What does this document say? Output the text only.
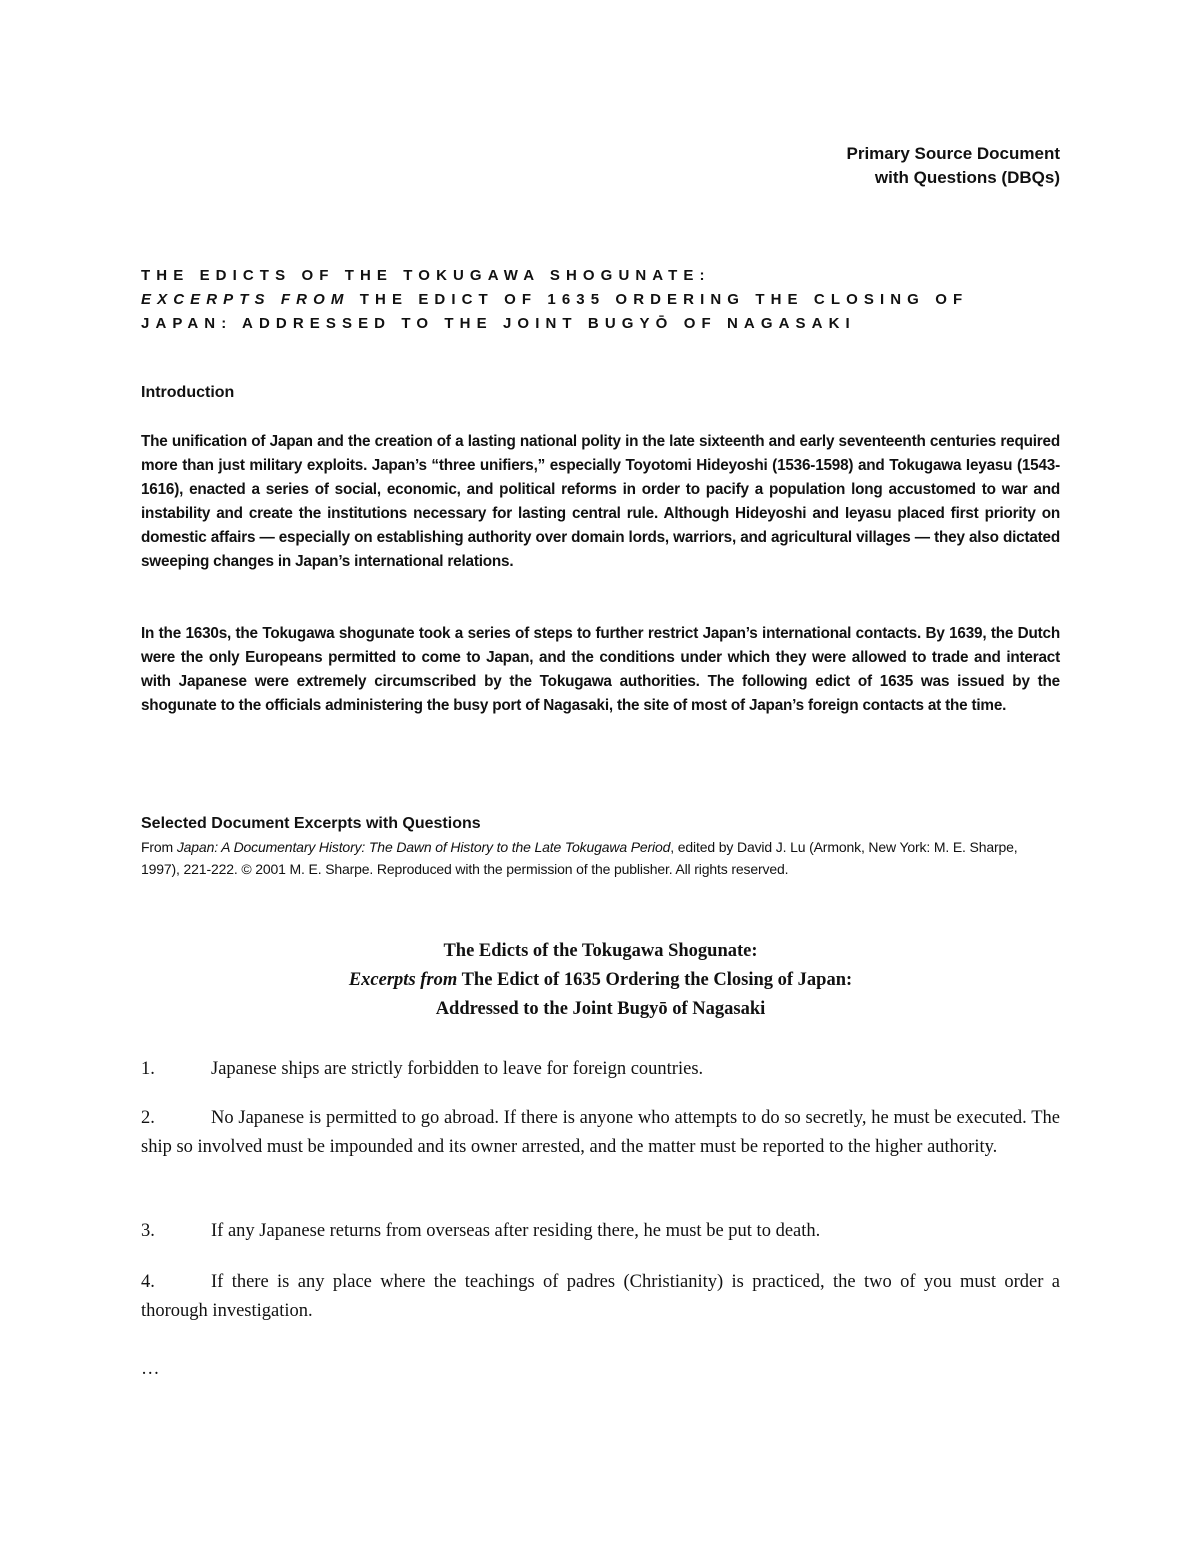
Primary Source Document
with Questions (DBQs)
THE EDICTS OF THE TOKUGAWA SHOGUNATE:
EXCERPTS FROM THE EDICT OF 1635 ORDERING THE CLOSING OF
JAPAN: ADDRESSED TO THE JOINT BUGYŌ OF NAGASAKI
Introduction
The unification of Japan and the creation of a lasting national polity in the late sixteenth and early seventeenth centuries required more than just military exploits. Japan’s “three unifiers,” especially Toyotomi Hideyoshi (1536-1598) and Tokugawa Ieyasu (1543-1616), enacted a series of social, economic, and political reforms in order to pacify a population long accustomed to war and instability and create the institutions necessary for lasting central rule. Although Hideyoshi and Ieyasu placed first priority on domestic affairs — especially on establishing authority over domain lords, warriors, and agricultural villages — they also dictated sweeping changes in Japan’s international relations.
In the 1630s, the Tokugawa shogunate took a series of steps to further restrict Japan’s international contacts. By 1639, the Dutch were the only Europeans permitted to come to Japan, and the conditions under which they were allowed to trade and interact with Japanese were extremely circumscribed by the Tokugawa authorities. The following edict of 1635 was issued by the shogunate to the officials administering the busy port of Nagasaki, the site of most of Japan’s foreign contacts at the time.
Selected Document Excerpts with Questions
From Japan: A Documentary History: The Dawn of History to the Late Tokugawa Period, edited by David J. Lu (Armonk, New York: M. E. Sharpe, 1997), 221-222. © 2001 M. E. Sharpe. Reproduced with the permission of the publisher. All rights reserved.
The Edicts of the Tokugawa Shogunate:
Excerpts from The Edict of 1635 Ordering the Closing of Japan:
Addressed to the Joint Bugyō of Nagasaki
1.	Japanese ships are strictly forbidden to leave for foreign countries.
2.	No Japanese is permitted to go abroad. If there is anyone who attempts to do so secretly, he must be executed. The ship so involved must be impounded and its owner arrested, and the matter must be reported to the higher authority.
3.	If any Japanese returns from overseas after residing there, he must be put to death.
4.	If there is any place where the teachings of padres (Christianity) is practiced, the two of you must order a thorough investigation.
…
